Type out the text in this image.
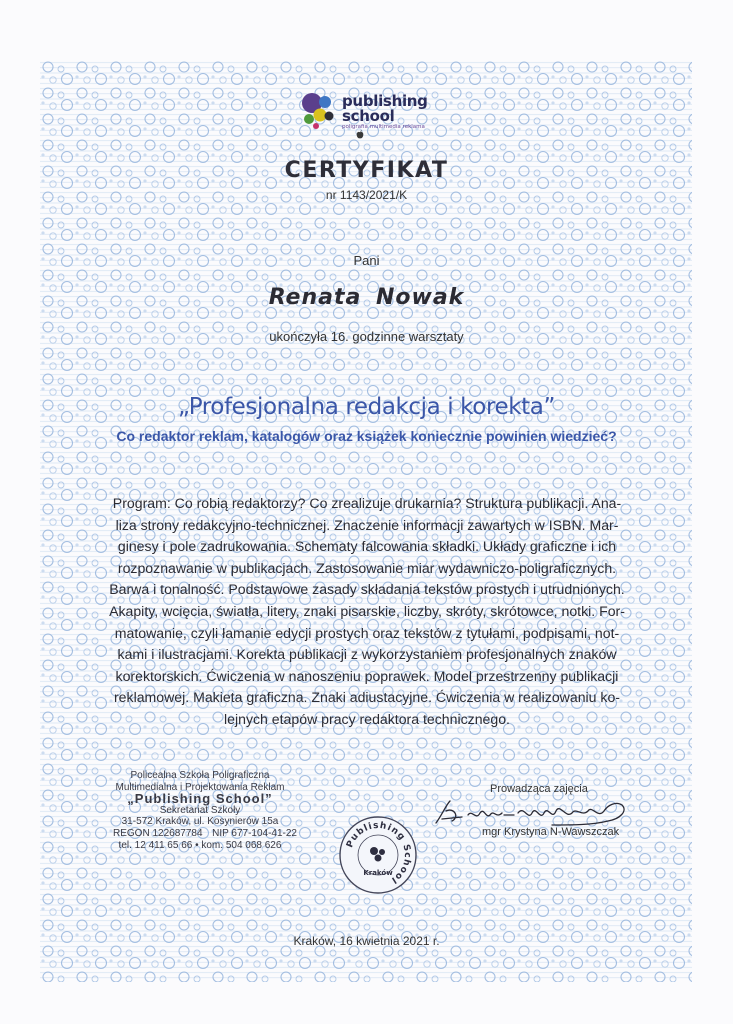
publishing
school
poligrafia multimedia reklama
CERTYFIKAT
nr 1143/2021/K
Pani
Renata Nowak
ukończyła 16. godzinne warsztaty
„Profesjonalna redakcja i korekta”
Co redaktor reklam, katalogów oraz książek koniecznie powinien wiedzieć?
Program: Co robią redaktorzy? Co zrealizuje drukarnia? Struktura publikacji. Ana-
liza strony redakcyjno-technicznej. Znaczenie informacji zawartych w ISBN. Mar-
ginesy i pole zadrukowania. Schematy falcowania składki. Układy graficzne i ich
rozpoznawanie w publikacjach. Zastosowanie miar wydawniczo-poligraficznych.
Barwa i tonalność. Podstawowe zasady składania tekstów prostych i utrudnionych.
Akapity, wcięcia, światła, litery, znaki pisarskie, liczby, skróty, skrótowce, notki. For-
matowanie, czyli łamanie edycji prostych oraz tekstów z tytułami, podpisami, not-
kami i ilustracjami. Korekta publikacji z wykorzystaniem profesjonalnych znaków
korektorskich. Ćwiczenia w nanoszeniu poprawek. Model przestrzenny publikacji
reklamowej. Makieta graficzna. Znaki adiustacyjne. Ćwiczenia w realizowaniu ko-
lejnych etapów pracy redaktora technicznego.
Policealna Szkoła Poligraficzna
Multimedialna i Projektowania Reklam
„Publishing School”
Sekretariat Szkoły
31-572 Kraków, ul. Kosynierów 15a
REGON 122687784 NIP 677-104-41-22
tel. 12 411 65 66 • kom. 504 068 626	Publishing School
Kraków
Prowadząca zajęcia
mgr Krystyna N-Wawszczak
Kraków, 16 kwietnia 2021 r.
